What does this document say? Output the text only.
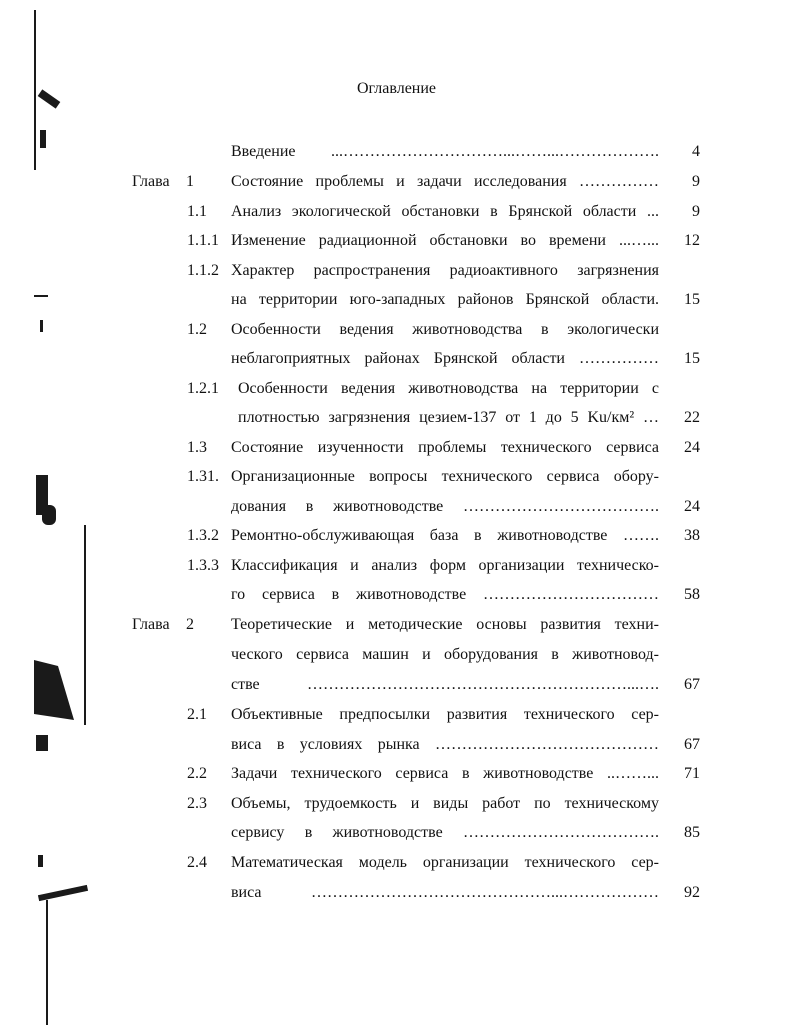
Оглавление
Введение ...…………………………...……...……………….	4
Глава 1 Состояние проблемы и задачи исследования ……………	9
1.1 Анализ экологической обстановки в Брянской области ...	9
1.1.1 Изменение радиационной обстановки во времени ...…...	12
1.1.2 Характер распространения радиоактивного загрязнения
на территории юго-западных районов Брянской области.	15
1.2 Особенности ведения животноводства в экологически
неблагоприятных районах Брянской области ……………	15
1.2.1 Особенности ведения животноводства на территории с
плотностью загрязнения цезием-137 от 1 до 5 Ku/км² …	22
1.3 Состояние изученности проблемы технического сервиса	24
1.31. Организационные вопросы технического сервиса обору-
дования в животноводстве ……………………………….	24
1.3.2 Ремонтно-обслуживающая база в животноводстве …….	38
1.3.3 Классификация и анализ форм организации техническо-
го сервиса в животноводстве ……………………………	58
Глава 2 Теоретические и методические основы развития техни-
ческого сервиса машин и оборудования в животновод-
стве ……………………………………………………...….	67
2.1 Объективные предпосылки развития технического сер-
виса в условиях рынка ……………………………………	67
2.2 Задачи технического сервиса в животноводстве ..……...	71
2.3 Объемы, трудоемкость и виды работ по техническому
сервису в животноводстве ……………………………….	85
2.4 Математическая модель организации технического сер-
виса ………………………………………...………………	92
